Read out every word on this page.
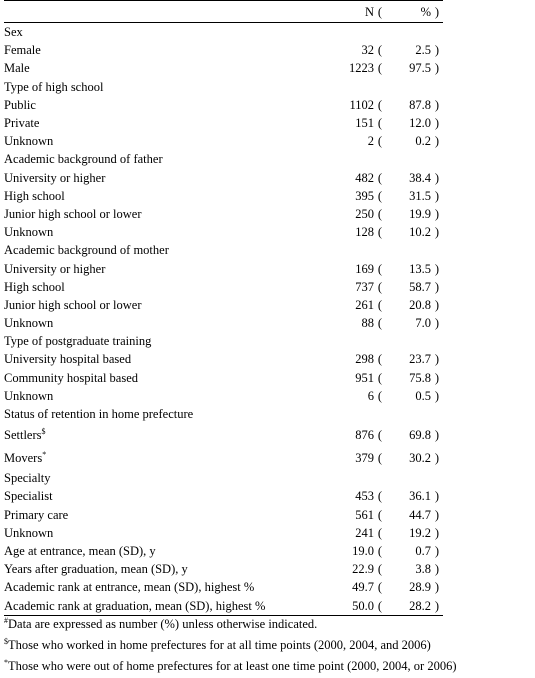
	N	(	%	)
Sex				
Female	32	(	2.5	)
Male	1223	(	97.5	)
Type of high school				
Public	1102	(	87.8	)
Private	151	(	12.0	)
Unknown	2	(	0.2	)
Academic background of father				
University or higher	482	(	38.4	)
High school	395	(	31.5	)
Junior high school or lower	250	(	19.9	)
Unknown	128	(	10.2	)
Academic background of mother				
University or higher	169	(	13.5	)
High school	737	(	58.7	)
Junior high school or lower	261	(	20.8	)
Unknown	88	(	7.0	)
Type of postgraduate training				
University hospital based	298	(	23.7	)
Community hospital based	951	(	75.8	)
Unknown	6	(	0.5	)
Status of retention in home prefecture				
Settlers$	876	(	69.8	)
Movers*	379	(	30.2	)
Specialty				
Specialist	453	(	36.1	)
Primary care	561	(	44.7	)
Unknown	241	(	19.2	)
Age at entrance, mean (SD), y	19.0	(	0.7	)
Years after graduation, mean (SD), y	22.9	(	3.8	)
Academic rank at entrance, mean (SD), highest %	49.7	(	28.9	)
Academic rank at graduation, mean (SD), highest %	50.0	(	28.2	)
#Data are expressed as number (%) unless otherwise indicated.
$Those who worked in home prefectures for at all time points (2000, 2004, and 2006)
*Those who were out of home prefectures for at least one time point (2000, 2004, or 2006)
